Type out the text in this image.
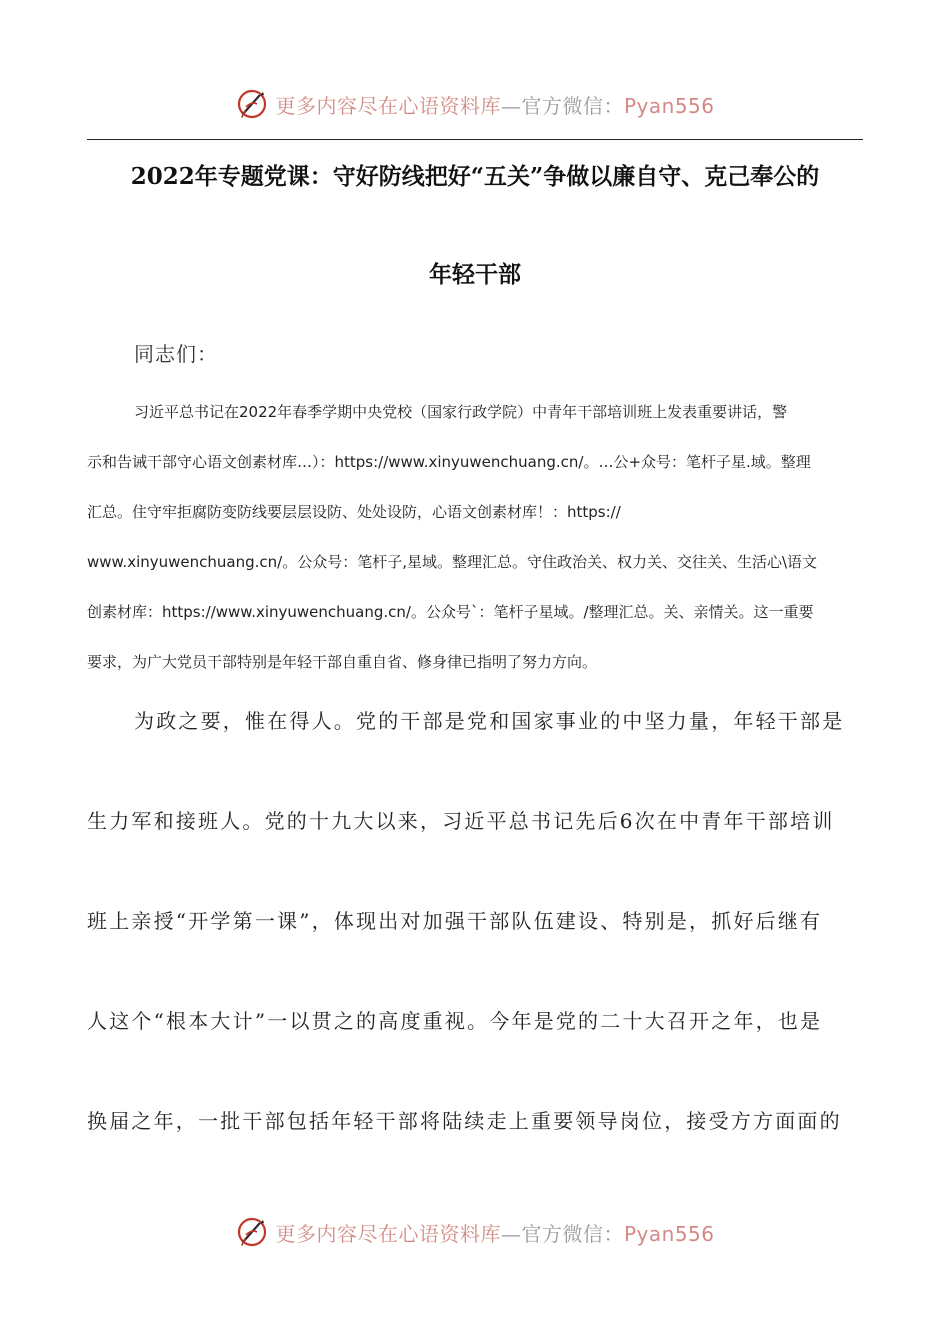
更多内容尽在心语资料库—官方微信：Pyan556
2022年专题党课：守好防线把好“五关”争做以廉自守、克己奉公的
年轻干部
同志们：
习近平总书记在2022年春季学期中央党校（国家行政学院）中青年干部培训班上发表重要讲话，警
示和告诫干部守心语文创素材库…）：https://www.xinyuwenchuang.cn/。…公+众号：笔杆子星.域。整理
汇总。住守牢拒腐防变防线要层层设防、处处设防，心语文创素材库！：https://
www.xinyuwenchuang.cn/。公众号：笔杆子,星域。整理汇总。守住政治关、权力关、交往关、生活心\语文
创素材库：https://www.xinyuwenchuang.cn/。公众号`：笔杆子星域。/整理汇总。关、亲情关。这一重要
要求，为广大党员干部特别是年轻干部自重自省、修身律已指明了努力方向。
为政之要，惟在得人。党的干部是党和国家事业的中坚力量，年轻干部是
生力军和接班人。党的十九大以来，习近平总书记先后6次在中青年干部培训
班上亲授“开学第一课”，体现出对加强干部队伍建设、特别是，抓好后继有
人这个“根本大计”一以贯之的高度重视。今年是党的二十大召开之年，也是
换届之年，一批干部包括年轻干部将陆续走上重要领导岗位，接受方方面面的
更多内容尽在心语资料库—官方微信：Pyan556
